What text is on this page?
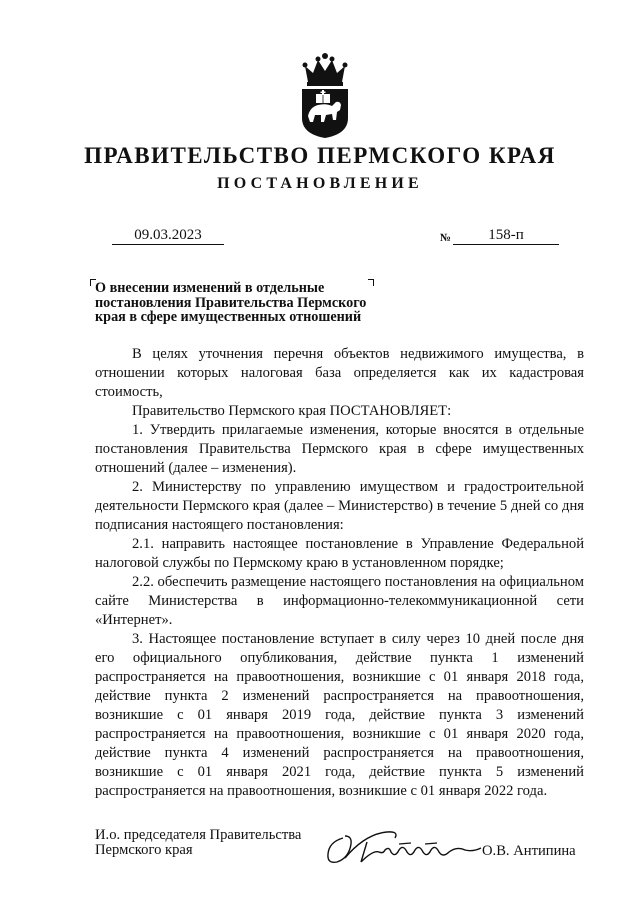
ПРАВИТЕЛЬСТВО ПЕРМСКОГО КРАЯ
ПОСТАНОВЛЕНИЕ
09.03.2023	№	158-п
О внесении изменений в отдельные
постановления Правительства Пермского
края в сфере имущественных отношений

В целях уточнения перечня объектов недвижимого имущества, в отношении которых налоговая база определяется как их кадастровая стоимость,

Правительство Пермского края ПОСТАНОВЛЯЕТ:

1. Утвердить прилагаемые изменения, которые вносятся в отдельные постановления Правительства Пермского края в сфере имущественных отношений (далее – изменения).

2. Министерству по управлению имуществом и градостроительной деятельности Пермского края (далее – Министерство) в течение 5 дней со дня подписания настоящего постановления:

2.1. направить настоящее постановление в Управление Федеральной налоговой службы по Пермскому краю в установленном порядке;

2.2. обеспечить размещение настоящего постановления на официальном сайте Министерства в информационно-телекоммуникационной сети «Интернет».

3. Настоящее постановление вступает в силу через 10 дней после дня его официального опубликования, действие пункта 1 изменений распространяется на правоотношения, возникшие с 01 января 2018 года, действие пункта 2 изменений распространяется на правоотношения, возникшие с 01 января 2019 года, действие пункта 3 изменений распространяется на правоотношения, возникшие с 01 января 2020 года, действие пункта 4 изменений распространяется на правоотношения, возникшие с 01 января 2021 года, действие пункта 5 изменений распространяется на правоотношения, возникшие с 01 января 2022 года.

И.о. председателя Правительства
Пермского края	О.В. Антипина
